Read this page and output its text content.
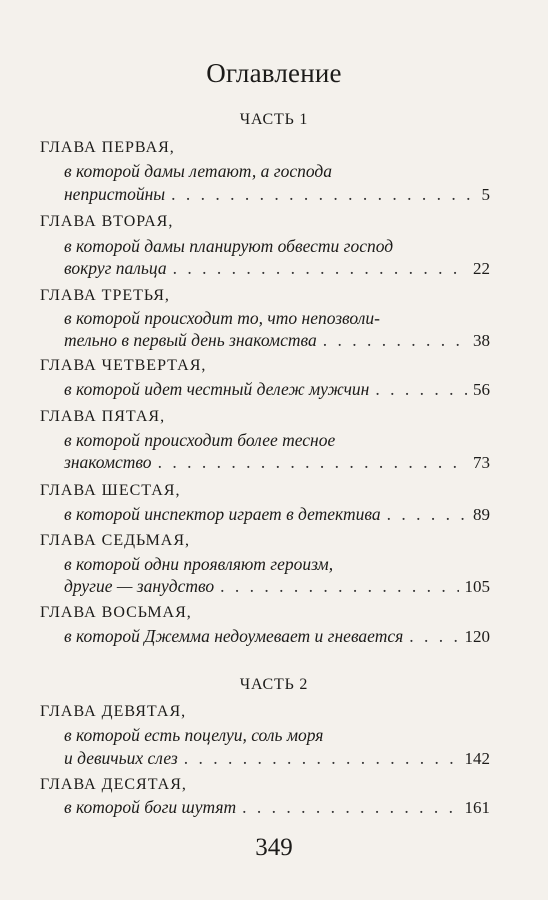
Оглавление
ЧАСТЬ 1
ГЛАВА ПЕРВАЯ,
в которой дамы летают, а господа
непристойны . . .	5
ГЛАВА ВТОРАЯ,
в которой дамы планируют обвести господ
вокруг пальца . . .	22
ГЛАВА ТРЕТЬЯ,
в которой происходит то, что непозволи-
тельно в первый день знакомства . . .	38
ГЛАВА ЧЕТВЕРТАЯ,
в которой идет честный дележ мужчин . . .	56
ГЛАВА ПЯТАЯ,
в которой происходит более тесное
знакомство . . .	73
ГЛАВА ШЕСТАЯ,
в которой инспектор играет в детектива . . .	89
ГЛАВА СЕДЬМАЯ,
в которой одни проявляют героизм,
другие — занудство . . .	105
ГЛАВА ВОСЬМАЯ,
в которой Джемма недоумевает и гневается . . .	120
ЧАСТЬ 2
ГЛАВА ДЕВЯТАЯ,
в которой есть поцелуи, соль моря
и девичьих слез . . .	142
ГЛАВА ДЕСЯТАЯ,
в которой боги шутят . . .	161
349
